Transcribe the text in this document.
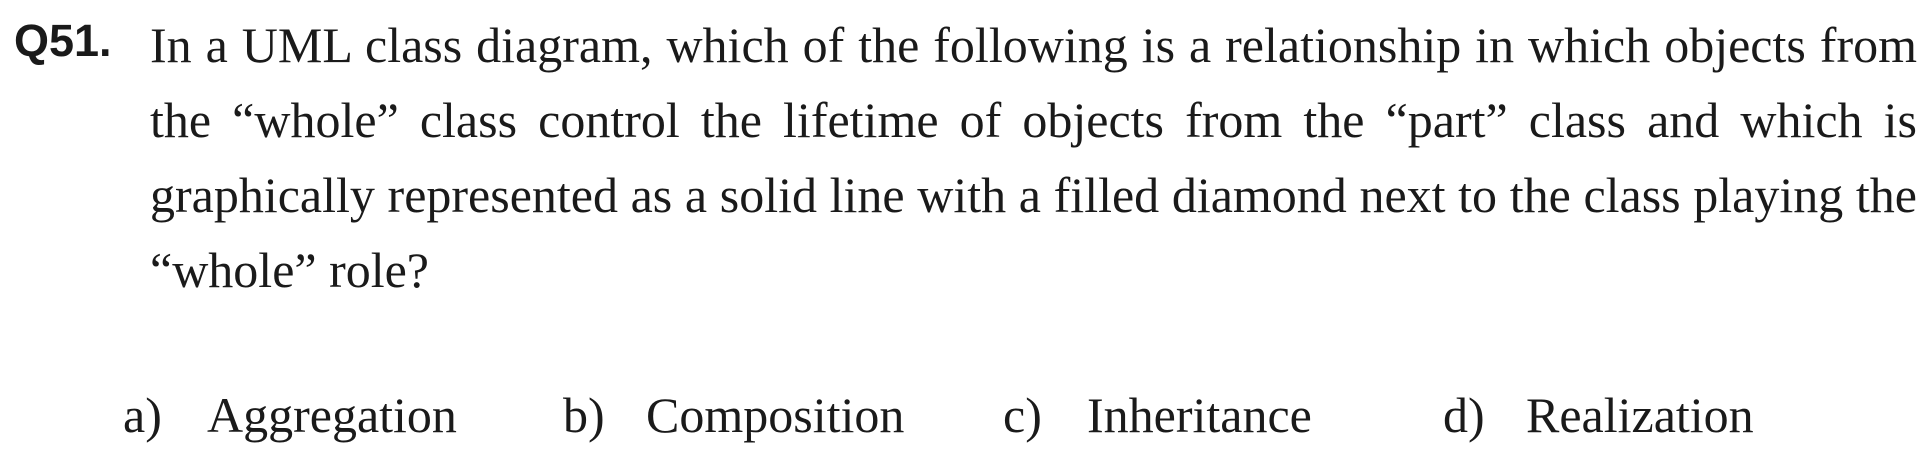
Q51. In a UML class diagram, which of the following is a relationship in which objects from the “whole” class control the lifetime of objects from the “part” class and which is graphically represented as a solid line with a filled diamond next to the class playing the “whole” role?

a) Aggregation b) Composition c) Inheritance	d) Realization
